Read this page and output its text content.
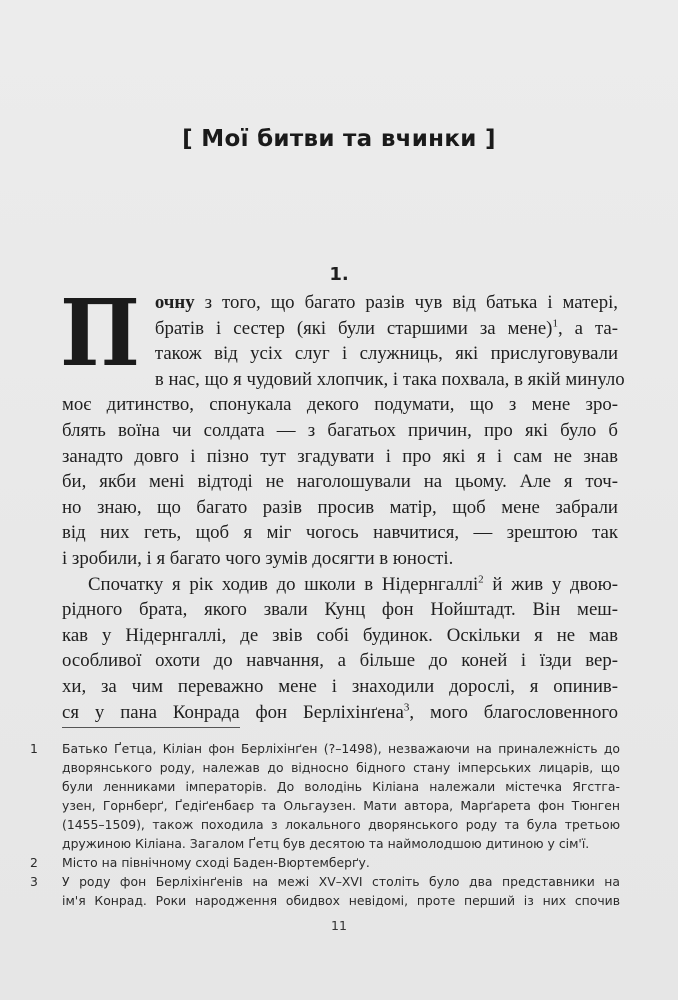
[ Мої битви та вчинки ]
1.

П очну з того, що багато разів чув від батька і матері,
братів і сестер (які були старшими за мене)$^1$, а та-
також від усіх слуг і служниць, які прислуговували
в нас, що я чудовий хлопчик, і така похвала, в якій минуло
моє дитинство, спонукала декого подумати, що з мене зро-
блять воїна чи солдата — з багатьох причин, про які було б
занадто довго і пізно тут згадувати і про які я і сам не знав
би, якби мені відтоді не наголошували на цьому. Але я точ-
но знаю, що багато разів просив матір, щоб мене забрали
від них геть, щоб я міг чогось навчитися, — зрештою так
і зробили, і я багато чого зумів досягти в юності.

Спочатку я рік ходив до школи в Нідернгаллі$^2$ й жив у двою-
рідного брата, якого звали Кунц фон Нойштадт. Він меш-
кав у Нідернгаллі, де звів собі будинок. Оскільки я не мав
особливої охоти до навчання, а більше до коней і їзди вер-
хи, за чим переважно мене і знаходили дорослі, я опинив-
ся у пана Конрада фон Берліхінґена$^3$, мого благословенного

1 Батько Ґетца, Кіліан фон Берліхінґен (?–1498), незважаючи на приналежність до
дворянського роду, належав до відносно бідного стану імперських лицарів, що
були ленниками імператорів. До володінь Кіліана належали містечка Ягстга-
узен, Горнберґ, Ґедіґенбаєр та Ольгаузен. Мати автора, Марґарета фон Тюнген
(1455–1509), також походила з локального дворянського роду та була третьою
дружиною Кіліана. Загалом Ґетц був десятою та наймолодшою дитиною у сім'ї.
2 Місто на північному сході Баден-Вюртемберґу.
3 У роду фон Берліхінґенів на межі XV–XVI століть було два представники на
ім'я Конрад. Роки народження обидвох невідомі, проте перший із них спочив
11
